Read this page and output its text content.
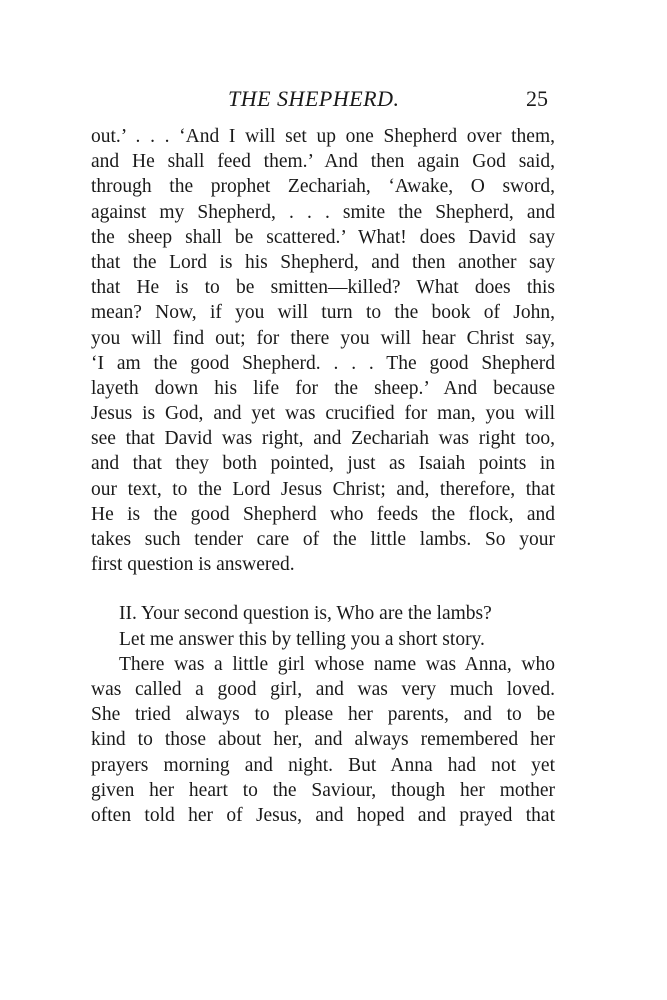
THE SHEPHERD.	25
out.’ . . . ‘And I will set up one Shepherd over them,
and He shall feed them.’ And then again God said,
through the prophet Zechariah, ‘Awake, O sword,
against my Shepherd, . . . smite the Shepherd, and
the sheep shall be scattered.’ What! does David say
that the Lord is his Shepherd, and then another say
that He is to be smitten—killed? What does this
mean? Now, if you will turn to the book of John,
you will find out; for there you will hear Christ say,
‘I am the good Shepherd. . . . The good Shepherd
layeth down his life for the sheep.’ And because
Jesus is God, and yet was crucified for man, you will
see that David was right, and Zechariah was right too,
and that they both pointed, just as Isaiah points in
our text, to the Lord Jesus Christ; and, therefore, that
He is the good Shepherd who feeds the flock, and
takes such tender care of the little lambs. So your
first question is answered.
II. Your second question is, Who are the lambs?
Let me answer this by telling you a short story.
There was a little girl whose name was Anna, who
was called a good girl, and was very much loved.
She tried always to please her parents, and to be
kind to those about her, and always remembered her
prayers morning and night. But Anna had not yet
given her heart to the Saviour, though her mother
often told her of Jesus, and hoped and prayed that
